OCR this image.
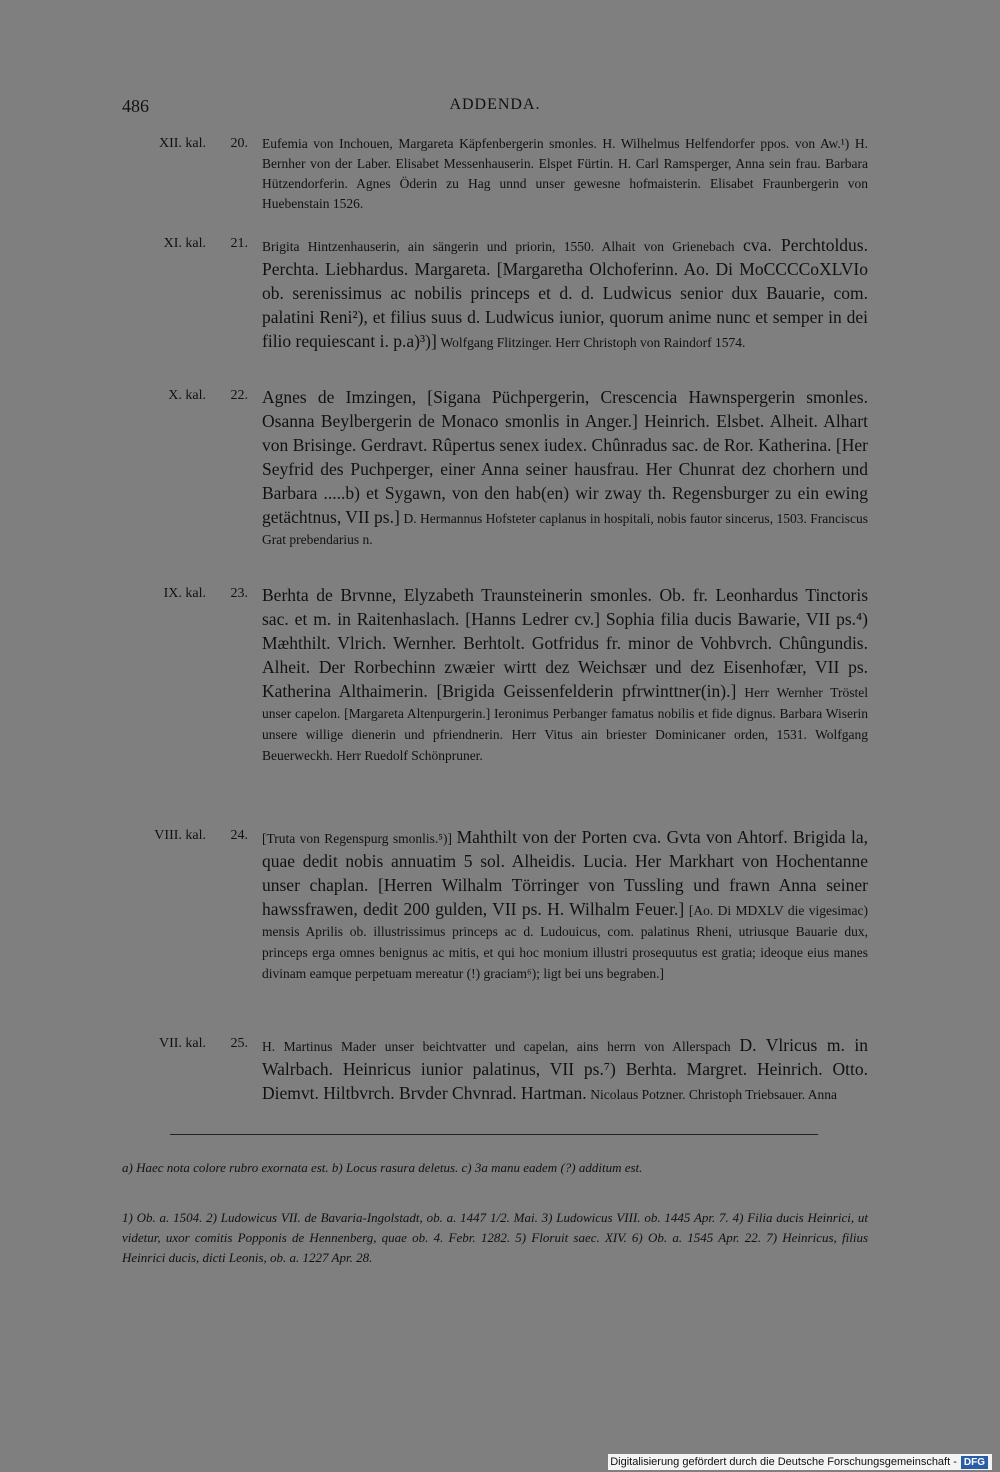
486	ADDENDA.
XII. kal.	20. Eufemia von Inchouen, Margareta Käpfenbergerin smonles. H. Wilhelmus Helfendorfer ppos. von Aw.¹) H. Bernher von der Laber. Elisabet Messenhauserin. Elspet Fürtin. H. Carl Ramsperger, Anna sein frau. Barbara Hützendorferin. Agnes Öderin zu Hag unnd unser gewesne hofmaisterin. Elisabet Fraunbergerin von Huebenstain 1526.
XI. kal.	21. Brigita Hintzenhauserin, ain sängerin und priorin, 1550. Alhait von Grienebach cva. Perchtoldus. Perchta. Liebhardus. Margareta. [Margaretha Olchoferinn. Ao. Di MoCCCCoXLVIo ob. serenissimus ac nobilis princeps et d. d. Ludwicus senior dux Bauarie, com. palatini Reni²), et filius suus d. Ludwicus iunior, quorum anime nunc et semper in dei filio requiescant i. p.a)³)] Wolfgang Flitzinger. Herr Christoph von Raindorf 1574.
X. kal.	22. Agnes de Imzingen, [Sigana Püchpergerin, Crescencia Hawnspergerin smonles. Osanna Beylbergerin de Monaco smonlis in Anger.] Heinrich. Elsbet. Alheit. Alhart von Brisinge. Gerdravt. Rûpertus senex iudex. Chûnradus sac. de Ror. Katherina. [Her Seyfrid des Puchperger, einer Anna seiner hausfrau. Her Chunrat dez chorhern und Barbara .....b) et Sygawn, von den hab(en) wir zway th. Regensburger zu ein ewing getächtnus, VII ps.] D. Hermannus Hofsteter caplanus in hospitali, nobis fautor sincerus, 1503. Franciscus Grat prebendarius n.
IX. kal.	23. Berhta de Brvnne, Elyzabeth Traunsteinerin smonles. Ob. fr. Leonhardus Tinctoris sac. et m. in Raitenhaslach. [Hanns Ledrer cv.] Sophia filia ducis Bawarie, VII ps.⁴) Mæhthilt. Vlrich. Wernher. Berhtolt. Gotfridus fr. minor de Vohbvrch. Chûngundis. Alheit. Der Rorbechinn zwæier wirtt dez Weichsær und dez Eisenhofær, VII ps. Katherina Althaimerin. [Brigida Geissenfelderin pfrwinttner(in).] Herr Wernher Tröstel unser capelon. [Margareta Altenpurgerin.] Ieronimus Perbanger famatus nobilis et fide dignus. Barbara Wiserin unsere willige dienerin und pfriendnerin. Herr Vitus ain briester Dominicaner orden, 1531. Wolfgang Beuerweckh. Herr Ruedolf Schönpruner.
VIII. kal.	24. [Truta von Regenspurg smonlis.⁵)] Mahthilt von der Porten cva. Gvta von Ahtorf. Brigida la, quae dedit nobis annuatim 5 sol. Alheidis. Lucia. Her Markhart von Hochentanne unser chaplan. [Herren Wilhalm Törringer von Tussling und frawn Anna seiner hawssfrawen, dedit 200 gulden, VII ps. H. Wilhalm Feuer.] [Ao. Di MDXLV die vigesimac) mensis Aprilis ob. illustrissimus princeps ac d. Ludouicus, com. palatinus Rheni, utriusque Bauarie dux, princeps erga omnes benignus ac mitis, et qui hoc monium illustri prosequutus est gratia; ideoque eius manes divinam eamque perpetuam mereatur (!) graciam⁶); ligt bei uns begraben.]
VII. kal.	25. H. Martinus Mader unser beichtvatter und capelan, ains herrn von Allerspach D. Vlricus m. in Walrbach. Heinricus iunior palatinus, VII ps.⁷) Berhta. Margret. Heinrich. Otto. Diemvt. Hiltbvrch. Brvder Chvnrad. Hartman. Nicolaus Potzner. Christoph Triebsauer. Anna
a) Haec nota colore rubro exornata est. b) Locus rasura deletus. c) 3a manu eadem (?) additum est.
1) Ob. a. 1504. 2) Ludowicus VII. de Bavaria-Ingolstadt, ob. a. 1447 1/2. Mai. 3) Ludowicus VIII. ob. 1445 Apr. 7. 4) Filia ducis Heinrici, ut videtur, uxor comitis Popponis de Hennenberg, quae ob. 4. Febr. 1282. 5) Floruit saec. XIV. 6) Ob. a. 1545 Apr. 22. 7) Heinricus, filius Heinrici ducis, dicti Leonis, ob. a. 1227 Apr. 28.
Digitalisierung gefördert durch die Deutsche Forschungsgemeinschaft - DFG
